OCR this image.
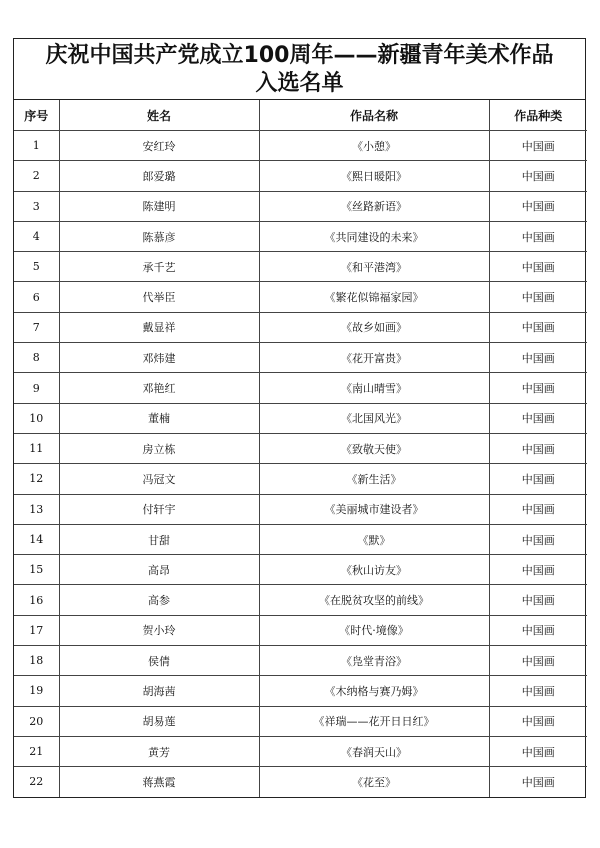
庆祝中国共产党成立100周年——新疆青年美术作品
入选名单
序号	姓名	作品名称	作品种类
1	安红玲	《小憩》	中国画
2	郎爱璐	《熙日暖阳》	中国画
3	陈建明	《丝路新语》	中国画
4	陈慕彦	《共同建设的未来》	中国画
5	承千艺	《和平港湾》	中国画
6	代举臣	《繁花似锦福家园》	中国画
7	戴显祥	《故乡如画》	中国画
8	邓炜建	《花开富贵》	中国画
9	邓艳红	《南山晴雪》	中国画
10	董楠	《北国风光》	中国画
11	房立栋	《致敬天使》	中国画
12	冯冠文	《新生活》	中国画
13	付轩宇	《美丽城市建设者》	中国画
14	甘甜	《默》	中国画
15	高昂	《秋山访友》	中国画
16	高参	《在脱贫攻坚的前线》	中国画
17	贺小玲	《时代·境像》	中国画
18	侯倩	《凫堂青浴》	中国画
19	胡海茜	《木纳格与赛乃姆》	中国画
20	胡易莲	《祥瑞——花开日日红》	中国画
21	黄芳	《春润天山》	中国画
22	蒋燕霞	《花至》	中国画
